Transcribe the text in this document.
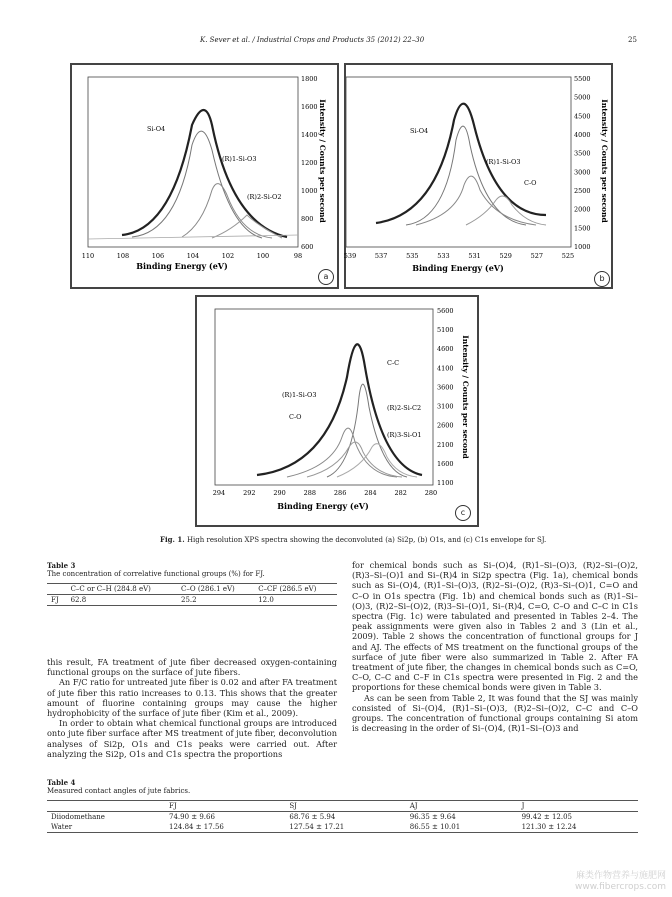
K. Sever et al. / Industrial Crops and Products 35 (2012) 22–30	25
110	108	106	104	102	100	98
600
800
1000
1200
1400
1600
1800
Binding Energy (eV)
Intensity / Counts per second
Si-O4
(R)1-Si-O3
(R)2-Si-O2
a
539	537	535	533	531	529	527	525
1000
1500
2000
2500
3000
3500
4000
4500
5000
5500
Binding Energy (eV)
Intensity / Counts per second
Si-O4
(R)1-Si-O3
C-O
b
294	292	290	288	286	284	282	280
1100
1600
2100
2600
3100
3600
4100
4600
5100
5600
Binding Energy (eV)
Intensity / Counts per second
(R)1-Si-O3
C-C
C-O
(R)2-Si-C2
(R)3-Si-O1
c
Fig. 1. High resolution XPS spectra showing the deconvoluted (a) Si2p, (b) O1s, and (c) C1s envelope for SJ.
Table 3
The concentration of correlative functional groups (%) for FJ.
	C–C or C–H (284.8 eV)	C–O (286.1 eV)	C–CF (286.5 eV)
FJ	62.8	25.2	12.0

this result, FA treatment of jute fiber decreased oxygen-containing functional groups on the surface of jute fibers.

An F/C ratio for untreated jute fiber is 0.02 and after FA treatment of jute fiber this ratio increases to 0.13. This shows that the greater amount of fluorine containing groups may cause the higher hydrophobicity of the surface of jute fiber (Kim et al., 2009).

In order to obtain what chemical functional groups are introduced onto jute fiber surface after MS treatment of jute fiber, deconvolution analyses of Si2p, O1s and C1s peaks were carried out. After analyzing the Si2p, O1s and C1s spectra the proportions

for chemical bonds such as Si–(O)4, (R)1–Si–(O)3, (R)2–Si–(O)2, (R)3–Si–(O)1 and Si–(R)4 in Si2p spectra (Fig. 1a), chemical bonds such as Si–(O)4, (R)1–Si–(O)3, (R)2–Si–(O)2, (R)3–Si–(O)1, C=O and C–O in O1s spectra (Fig. 1b) and chemical bonds such as (R)1–Si–(O)3, (R)2–Si–(O)2, (R)3–Si–(O)1, Si–(R)4, C=O, C–O and C–C in C1s spectra (Fig. 1c) were tabulated and presented in Tables 2–4. The peak assignments were given also in Tables 2 and 3 (Lin et al., 2009). Table 2 shows the concentration of functional groups for J and AJ. The effects of MS treatment on the functional groups of the surface of jute fiber were also summarized in Table 2. After FA treatment of jute fiber, the changes in chemical bonds such as C=O, C–O, C–C and C–F in C1s spectra were presented in Fig. 2 and the proportions for these chemical bonds were given in Table 3.

As can be seen from Table 2, It was found that the SJ was mainly consisted of Si–(O)4, (R)1–Si–(O)3, (R)2–Si–(O)2, C–C and C–O groups. The concentration of functional groups containing Si atom is decreasing in the order of Si–(O)4, (R)1–Si–(O)3 and

Table 4
Measured contact angles of jute fabrics.
	FJ	SJ	AJ	J
Diiodomethane	74.90 ± 9.66	68.76 ± 5.94	96.35 ± 9.64	99.42 ± 12.05
Water	124.84 ± 17.56	127.54 ± 17.21	86.55 ± 10.01	121.30 ± 12.24
麻类作物营养与施肥网
www.fibercrops.com
